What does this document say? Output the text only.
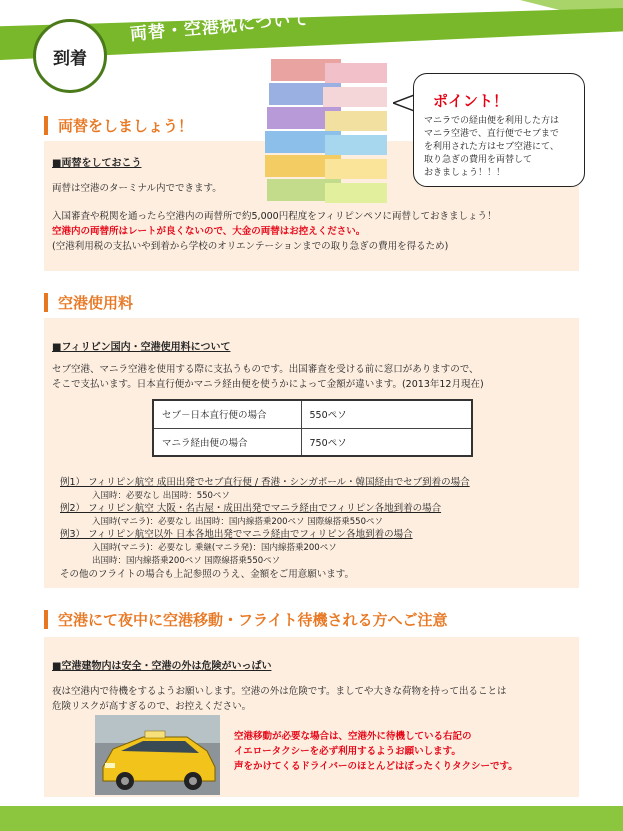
両替・空港税について
到着
両替をしましょう！
■両替をしておこう
両替は空港のターミナル内でできます。
入国審査や税関を通ったら空港内の両替所で約5,000円程度をフィリピンペソに両替しておきましょう！
空港内の両替所はレートが良くないので、大金の両替はお控えください。
(空港利用税の支払いや到着から学校のオリエンテーションまでの取り急ぎの費用を得るため)
ポイント！
マニラでの経由便を利用した方は
マニラ空港で、直行便でセブまで
を利用された方はセブ空港にて、
取り急ぎの費用を両替して
おきましょう！！！
空港使用料
■フィリピン国内・空港使用料について
セブ空港、マニラ空港を使用する際に支払うものです。出国審査を受ける前に窓口がありますので、
そこで支払います。日本直行便かマニラ経由便を使うかによって金額が違います。(2013年12月現在)
セブ－日本直行便の場合	550ペソ
マニラ経由便の場合	750ペソ
例1） フィリピン航空 成田出発でセブ直行便 / 香港・シンガポール・韓国経由でセブ到着の場合
入国時：必要なし 出国時：550ペソ
例2） フィリピン航空 大阪・名古屋・成田出発でマニラ経由でフィリピン各地到着の場合
入国時(マニラ)：必要なし 出国時：国内線搭乗200ペソ 国際線搭乗550ペソ
例3） フィリピン航空以外 日本各地出発でマニラ経由でフィリピン各地到着の場合
入国時(マニラ)：必要なし 乗継(マニラ発)：国内線搭乗200ペソ
出国時：国内線搭乗200ペソ 国際線搭乗550ペソ
その他のフライトの場合も上記参照のうえ、金額をご用意願います。
空港にて夜中に空港移動・フライト待機される方へご注意
■空港建物内は安全・空港の外は危険がいっぱい
夜は空港内で待機をするようお願いします。空港の外は危険です。ましてや大きな荷物を持って出ることは
危険リスクが高すぎるので、お控えください。
空港移動が必要な場合は、空港外に待機している右記の
イエロータクシーを必ず利用するようお願いします。
声をかけてくるドライバーのほとんどはぼったくりタクシーです。
